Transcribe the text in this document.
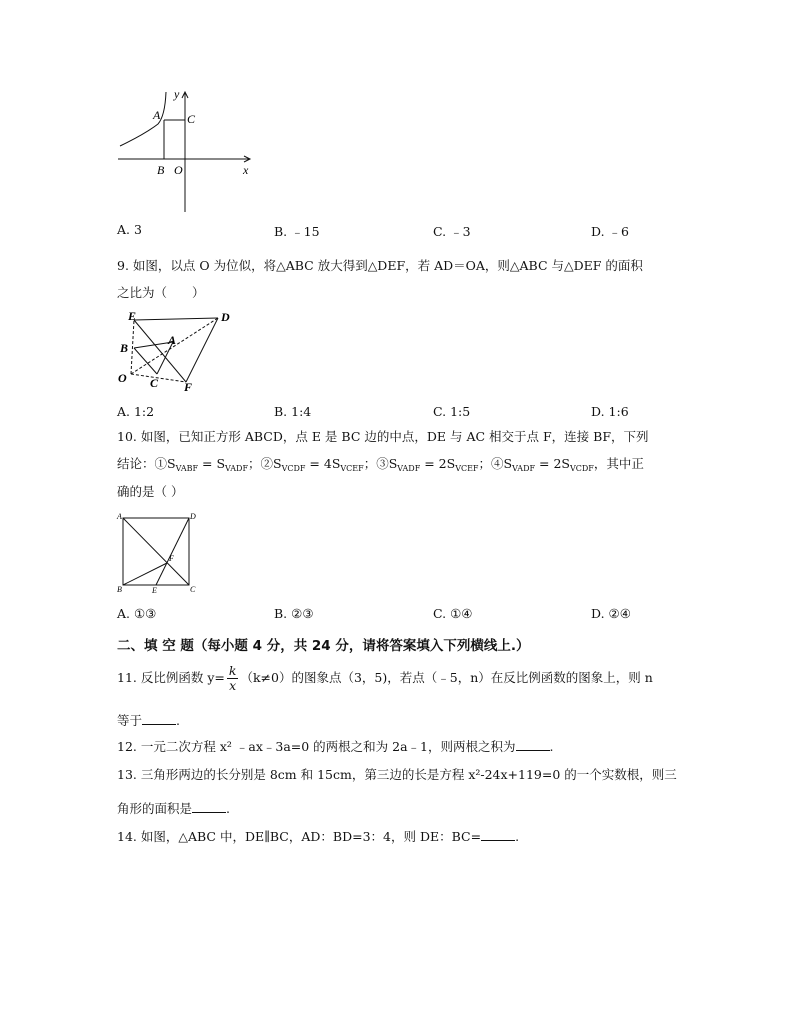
y
A C
B O	x
A. 3	B. ﹣15	C. ﹣3	D. ﹣6
9. 如图，以点 O 为位似，将△ABC 放大得到△DEF，若 AD＝OA，则△ABC 与△DEF 的面积
之比为（　　）
E	D
B
A
O C F
A. 1:2	B. 1:4	C. 1:5	D. 1:6
10. 如图，已知正方形 ABCD，点 E 是 BC 边的中点，DE 与 AC 相交于点 F，连接 BF，下列
结论：$①S_{VABF} = S_{VADF}$；$②S_{VCDF} = 4S_{VCEF}$；$③S_{VADF} = 2S_{VCEF}$；$④S_{VADF} = 2S_{VCDF}$，其中正
确的是（ ）
A	D
F
B	E	C
A. ①③	B. ②③	C. ①④	D. ②④
二、填 空 题（每小题 4 分，共 24 分，请将答案填入下列横线上.）
11. 反比例函数 $y= \frac{k}{x} (k\ne 0)$的图象点（3，5)，若点（﹣5，n）在反比例函数的图象上，则 n
等于	.
12. 一元二次方程 x² ﹣ax﹣3a=0 的两根之和为 2a﹣1，则两根之积为	.
13. 三角形两边的长分别是 8cm 和 15cm，第三边的长是方程 x²-24x+119=0 的一个实数根，则三
角形的面积是	.
14. 如图，△ABC 中，DE∥BC，AD：BD=3：4，则 DE：BC=	.
